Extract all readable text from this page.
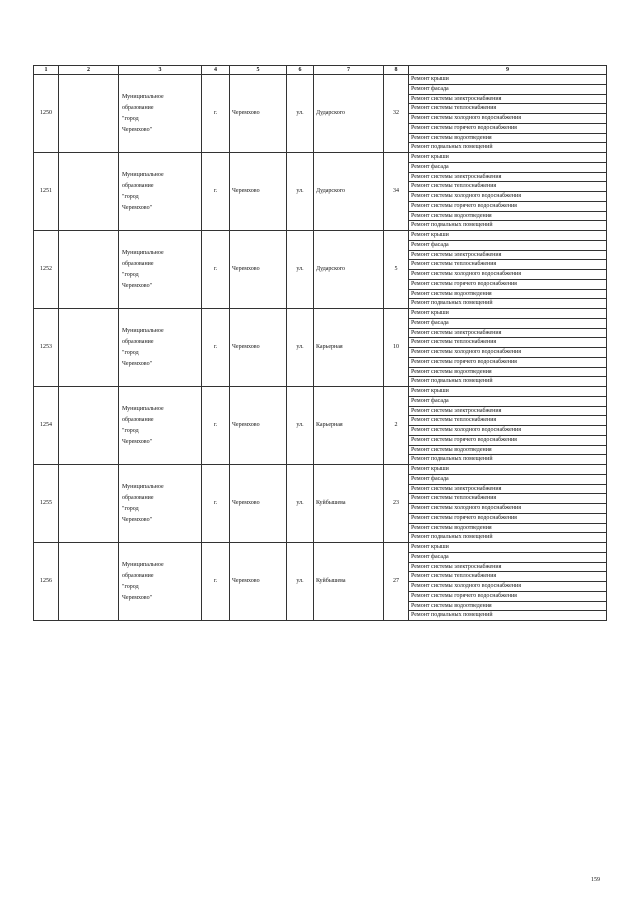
1	2	3	4	5	6	7	8	9
1250		Муниципальное
образование
"город
Черемхово"	г.	Черемхово	ул.	Дударского	32	Ремонт крыши
								Ремонт фасада
								Ремонт системы электроснабжения
								Ремонт системы теплоснабжения
								Ремонт системы холодного водоснабжения
								Ремонт системы горячего водоснабжения
								Ремонт системы водоотведения
								Ремонт подвальных помещений
1251		Муниципальное
образование
"город
Черемхово"	г.	Черемхово	ул.	Дударского	34	Ремонт крыши
								Ремонт фасада
								Ремонт системы электроснабжения
								Ремонт системы теплоснабжения
								Ремонт системы холодного водоснабжения
								Ремонт системы горячего водоснабжения
								Ремонт системы водоотведения
								Ремонт подвальных помещений
1252		Муниципальное
образование
"город
Черемхово"	г.	Черемхово	ул.	Дударского	5	Ремонт крыши
								Ремонт фасада
								Ремонт системы электроснабжения
								Ремонт системы теплоснабжения
								Ремонт системы холодного водоснабжения
								Ремонт системы горячего водоснабжения
								Ремонт системы водоотведения
								Ремонт подвальных помещений
1253		Муниципальное
образование
"город
Черемхово"	г.	Черемхово	ул.	Карьерная	10	Ремонт крыши
								Ремонт фасада
								Ремонт системы электроснабжения
								Ремонт системы теплоснабжения
								Ремонт системы холодного водоснабжения
								Ремонт системы горячего водоснабжения
								Ремонт системы водоотведения
								Ремонт подвальных помещений
1254		Муниципальное
образование
"город
Черемхово"	г.	Черемхово	ул.	Карьерная	2	Ремонт крыши
								Ремонт фасада
								Ремонт системы электроснабжения
								Ремонт системы теплоснабжения
								Ремонт системы холодного водоснабжения
								Ремонт системы горячего водоснабжения
								Ремонт системы водоотведения
								Ремонт подвальных помещений
1255		Муниципальное
образование
"город
Черемхово"	г.	Черемхово	ул.	Куйбышева	23	Ремонт крыши
								Ремонт фасада
								Ремонт системы электроснабжения
								Ремонт системы теплоснабжения
								Ремонт системы холодного водоснабжения
								Ремонт системы горячего водоснабжения
								Ремонт системы водоотведения
								Ремонт подвальных помещений
1256		Муниципальное
образование
"город
Черемхово"	г.	Черемхово	ул.	Куйбышева	27	Ремонт крыши
								Ремонт фасада
								Ремонт системы электроснабжения
								Ремонт системы теплоснабжения
								Ремонт системы холодного водоснабжения
								Ремонт системы горячего водоснабжения
								Ремонт системы водоотведения
								Ремонт подвальных помещений
159
